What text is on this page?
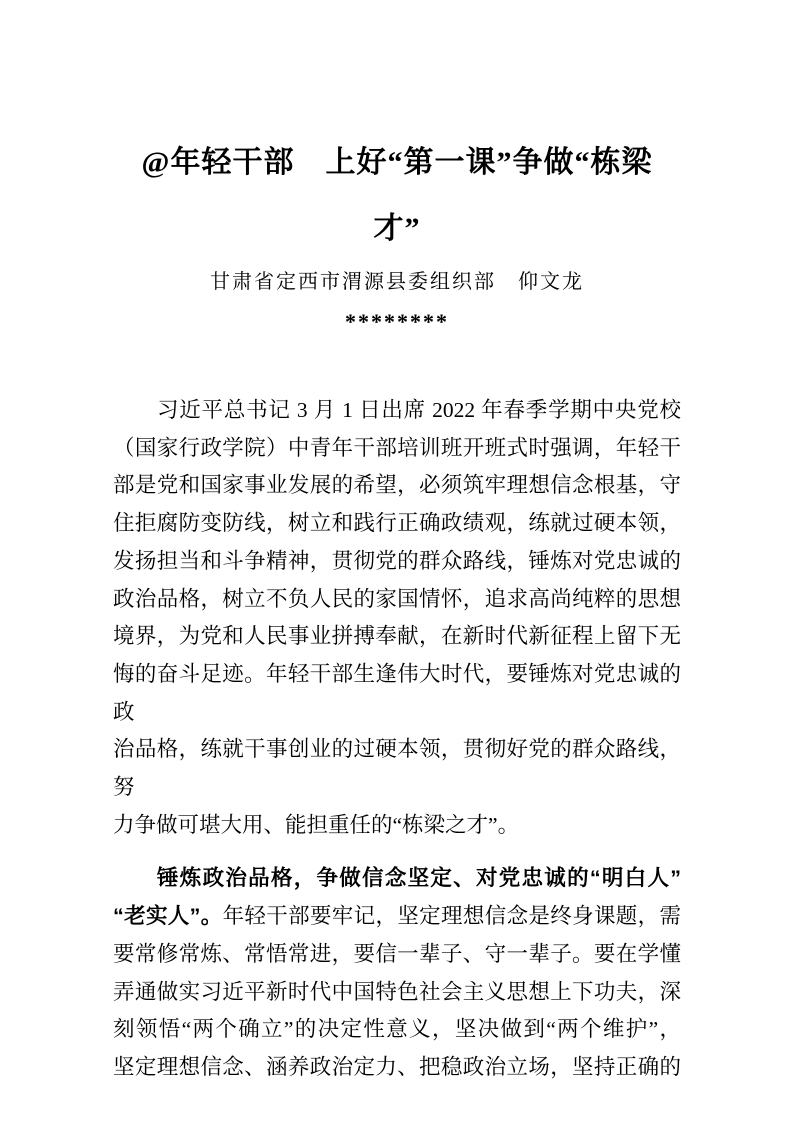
@年轻干部　上好“第一课”争做“栋梁
才”
甘肃省定西市渭源县委组织部　仰文龙
********
习近平总书记 3 月 1 日出席 2022 年春季学期中央党校
（国家行政学院）中青年干部培训班开班式时强调，年轻干
部是党和国家事业发展的希望，必须筑牢理想信念根基，守
住拒腐防变防线，树立和践行正确政绩观，练就过硬本领，
发扬担当和斗争精神，贯彻党的群众路线，锤炼对党忠诚的
政治品格，树立不负人民的家国情怀，追求高尚纯粹的思想
境界，为党和人民事业拼搏奉献，在新时代新征程上留下无
悔的奋斗足迹。年轻干部生逢伟大时代，要锤炼对党忠诚的政
治品格，练就干事创业的过硬本领，贯彻好党的群众路线， 努
力争做可堪大用、能担重任的“栋梁之才”。
锤炼政治品格，争做信念坚定、对党忠诚的“明白人”
“老实人”。年轻干部要牢记，坚定理想信念是终身课题，需
要常修常炼、常悟常进，要信一辈子、守一辈子。要在学懂
弄通做实习近平新时代中国特色社会主义思想上下功夫，深
刻领悟“两个确立”的决定性意义，坚决做到“两个维护”，
坚定理想信念、涵养政治定力、把稳政治立场，坚持正确的
